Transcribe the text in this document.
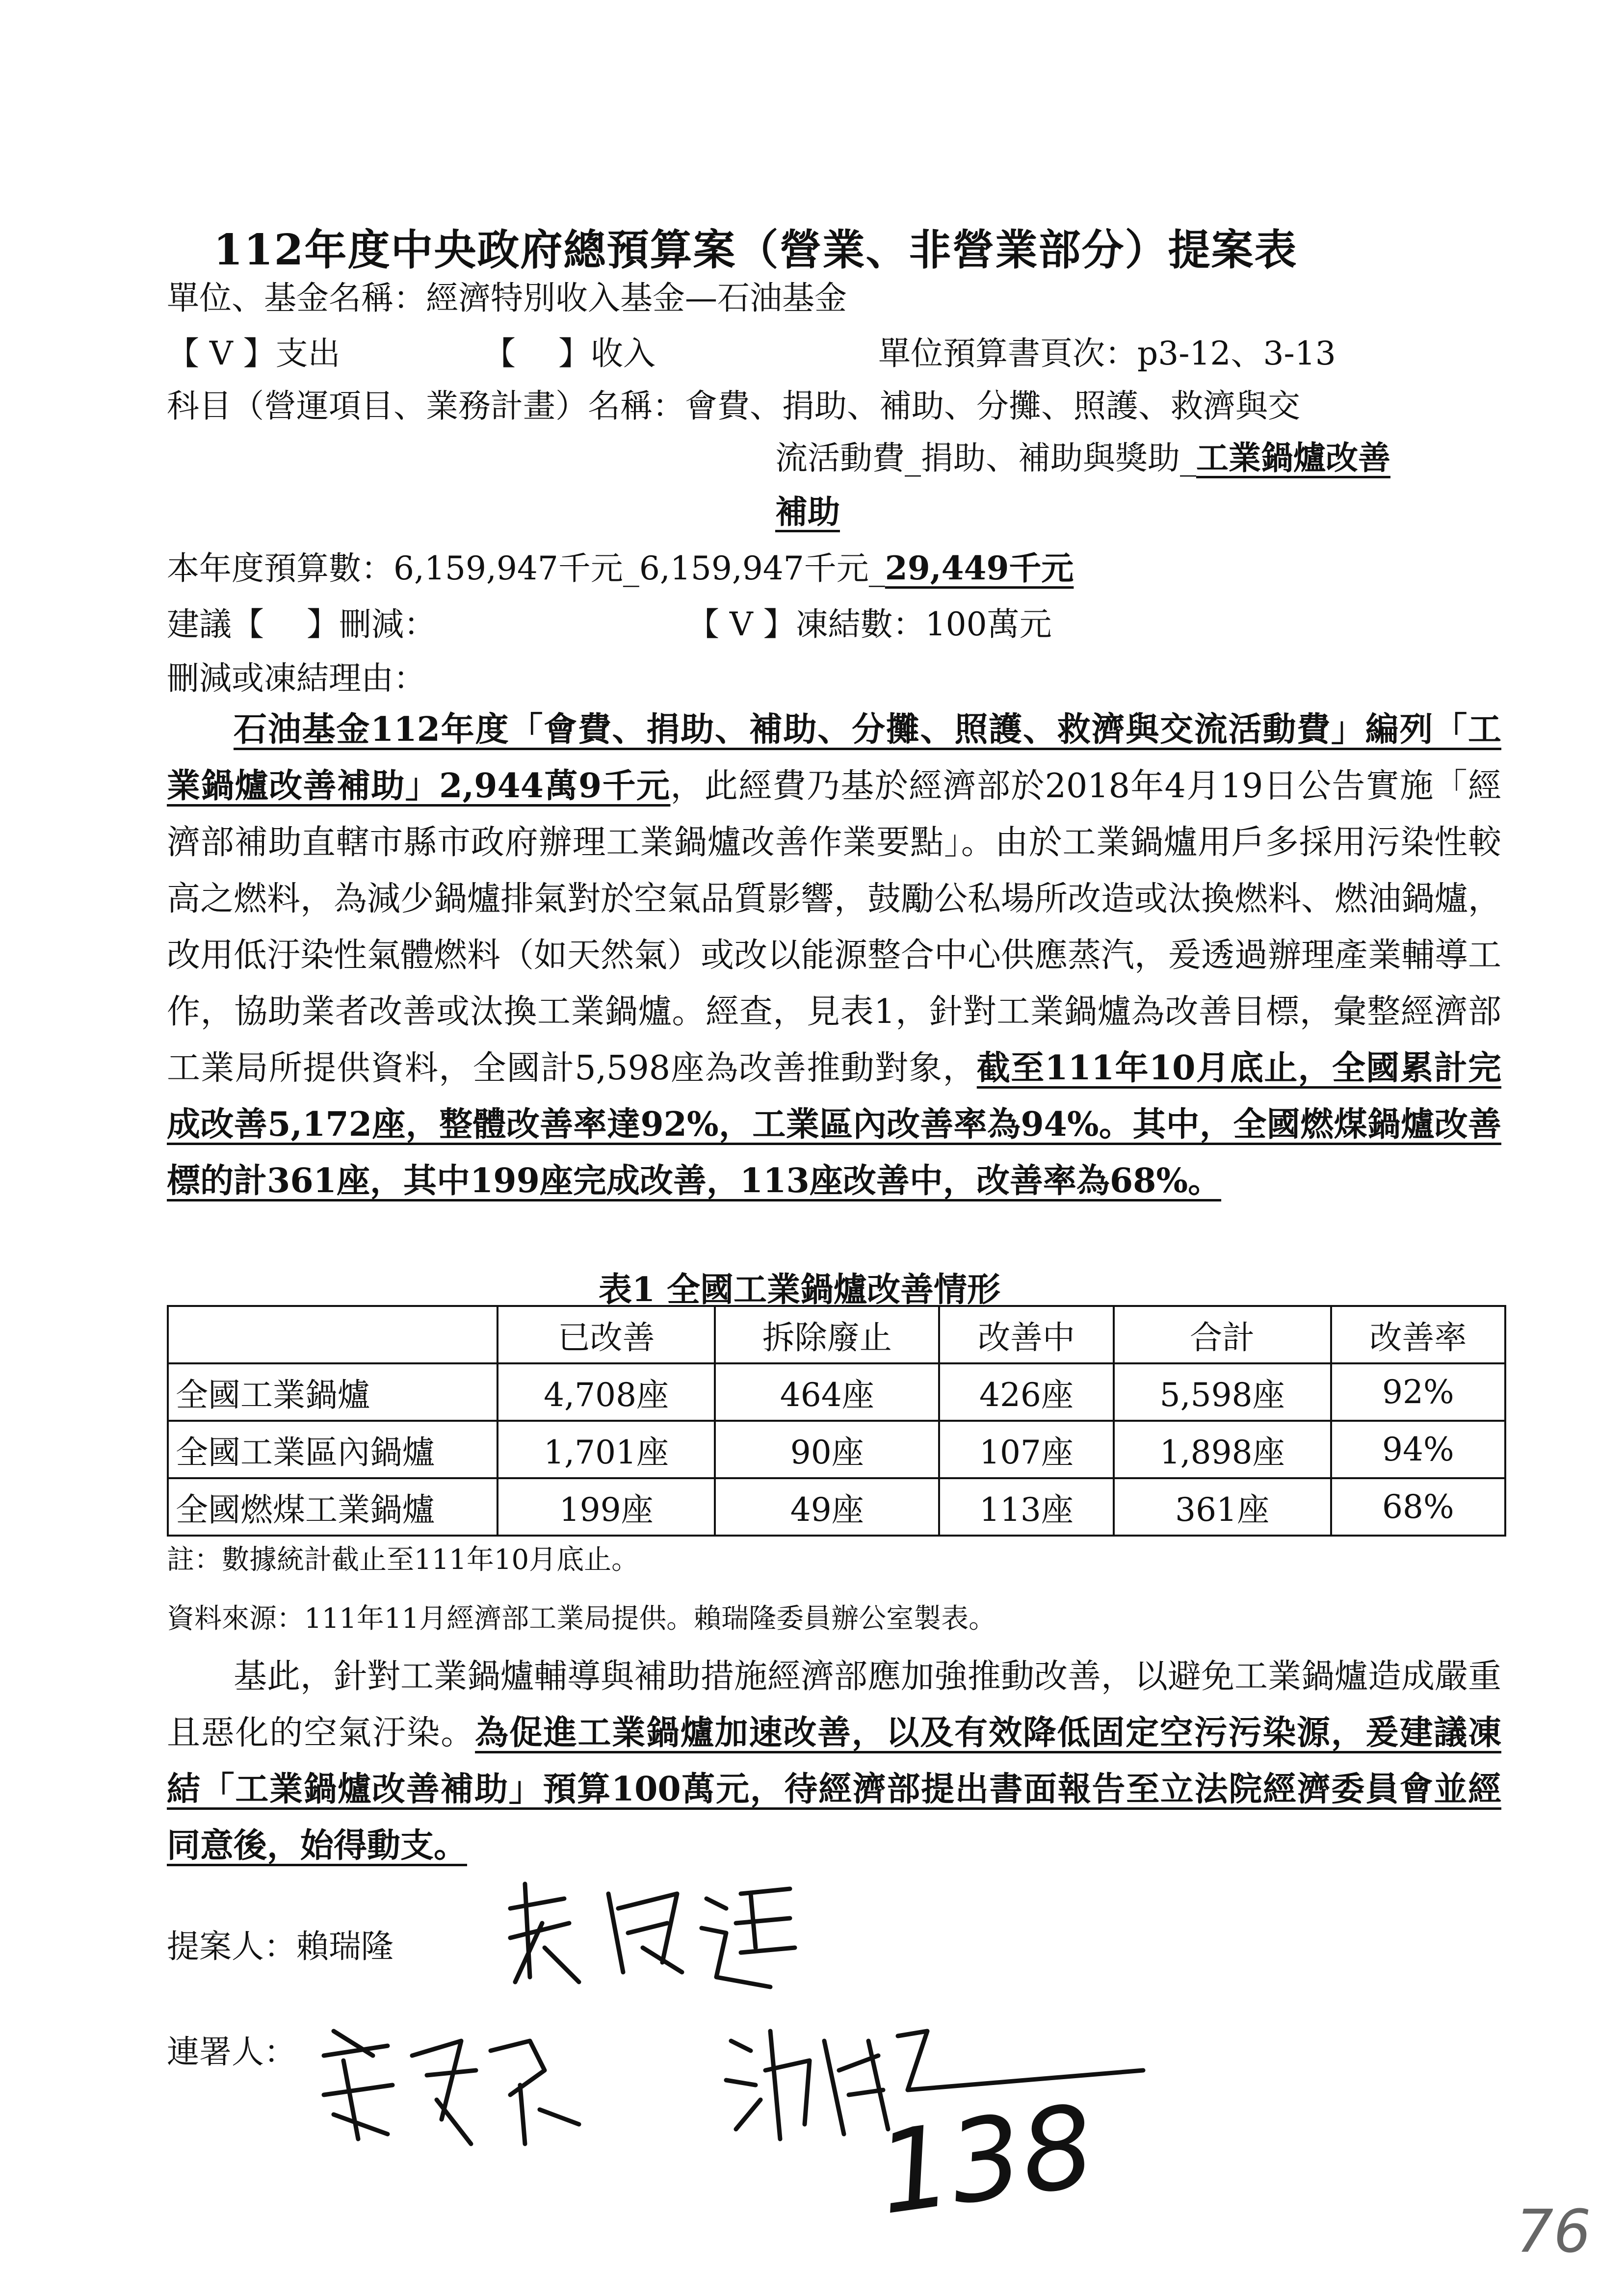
112年度中央政府總預算案（營業、非營業部分）提案表
單位、基金名稱：經濟特別收入基金—石油基金
【 V 】支出	【　 】收入	單位預算書頁次：p3-12、3-13
科目（營運項目、業務計畫）名稱：會費、捐助、補助、分攤、照護、救濟與交
流活動費_捐助、補助與獎助_工業鍋爐改善
補助
本年度預算數：6,159,947千元_6,159,947千元_29,449千元
建議【　 】刪減：	【 V 】凍結數：100萬元
刪減或凍結理由：
石油基金112年度「會費、捐助、補助、分攤、照護、救濟與交流活動費」編列「工業鍋爐改善補助」2,944萬9千元，此經費乃基於經濟部於2018年4月19日公告實施「經濟部補助直轄市縣市政府辦理工業鍋爐改善作業要點」。由於工業鍋爐用戶多採用污染性較高之燃料，為減少鍋爐排氣對於空氣品質影響，鼓勵公私場所改造或汰換燃料、燃油鍋爐，改用低汙染性氣體燃料（如天然氣）或改以能源整合中心供應蒸汽，爰透過辦理產業輔導工作，協助業者改善或汰換工業鍋爐。經查，見表1，針對工業鍋爐為改善目標，彙整經濟部工業局所提供資料，全國計5,598座為改善推動對象，截至111年10月底止，全國累計完成改善5,172座，整體改善率達92%，工業區內改善率為94%。其中，全國燃煤鍋爐改善標的計361座，其中199座完成改善，113座改善中，改善率為68%。
表1 全國工業鍋爐改善情形
	已改善	拆除廢止	改善中	合計	改善率
全國工業鍋爐	4,708座	464座	426座	5,598座	92%
全國工業區內鍋爐	1,701座	90座	107座	1,898座	94%
全國燃煤工業鍋爐	199座	49座	113座	361座	68%
註：數據統計截止至111年10月底止。
資料來源：111年11月經濟部工業局提供。賴瑞隆委員辦公室製表。
基此，針對工業鍋爐輔導與補助措施經濟部應加強推動改善，以避免工業鍋爐造成嚴重且惡化的空氣汙染。為促進工業鍋爐加速改善，以及有效降低固定空污污染源，爰建議凍結「工業鍋爐改善補助」預算100萬元，待經濟部提出書面報告至立法院經濟委員會並經同意後，始得動支。
提案人：賴瑞隆
連署人：
138	76
